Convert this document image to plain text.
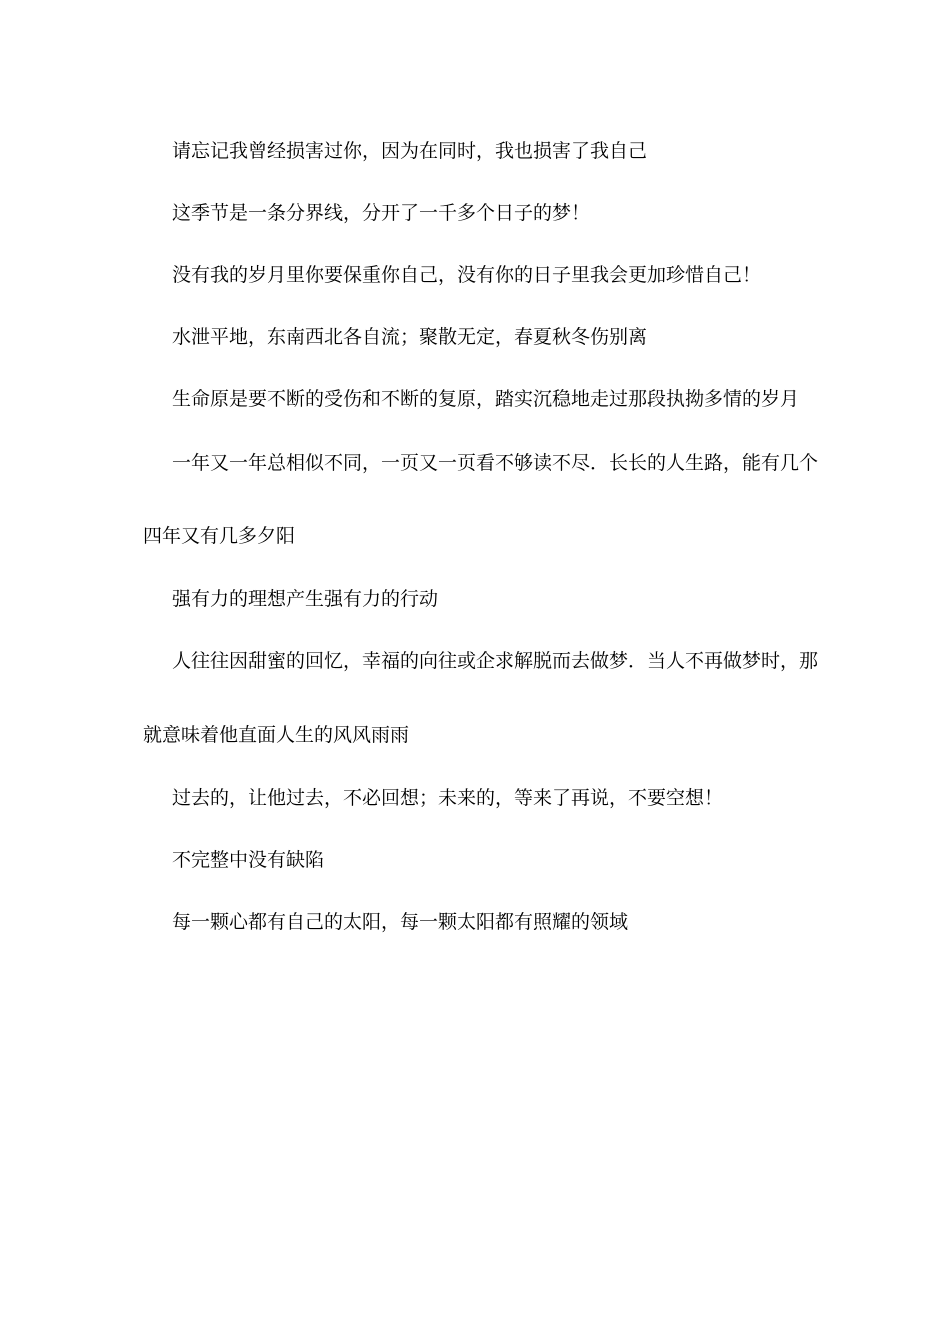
请忘记我曾经损害过你，因为在同时，我也损害了我自己

这季节是一条分界线，分开了一千多个日子的梦！

没有我的岁月里你要保重你自己，没有你的日子里我会更加珍惜自己！

水泄平地，东南西北各自流；聚散无定，春夏秋冬伤别离

生命原是要不断的受伤和不断的复原，踏实沉稳地走过那段执拗多情的岁月

一年又一年总相似不同，一页又一页看不够读不尽．长长的人生路，能有几个

四年又有几多夕阳

强有力的理想产生强有力的行动

人往往因甜蜜的回忆，幸福的向往或企求解脱而去做梦．当人不再做梦时，那

就意味着他直面人生的风风雨雨

过去的，让他过去，不必回想；未来的，等来了再说，不要空想！

不完整中没有缺陷

每一颗心都有自己的太阳，每一颗太阳都有照耀的领域
